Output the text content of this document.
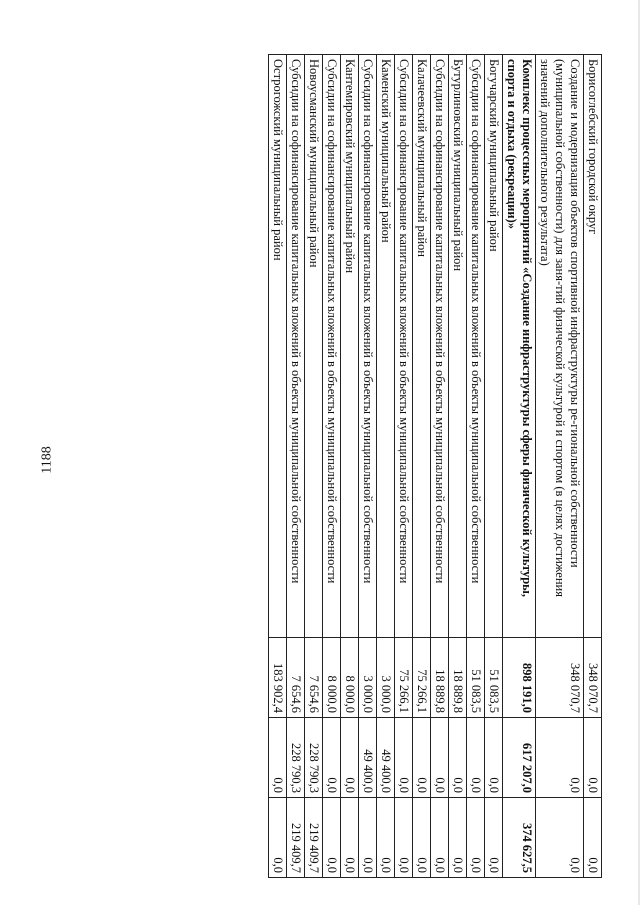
1188
Борисоглебский городской округ	348 070,7	0,0	0,0
Создание и модернизация объектов спортивной инфраструктуры ре-гиональной собственности (муниципальной собственности) для заня-тий физической культурой и спортом (в целях достижения значений дополнительного результата)	348 070,7	0,0	0,0
Комплекс процессных мероприятий «Создание инфраструктуры сферы физической культуры, спорта и отдыха (рекреации)»	898 191,0	617 207,0	374 627,5
Богучарский муниципальный район	51 083,5	0,0	0,0
Субсидии на софинансирование капитальных вложений в объекты муниципальной собственности	51 083,5	0,0	0,0
Бутурлиновский муниципальный район	18 889,8	0,0	0,0
Субсидии на софинансирование капитальных вложений в объекты муниципальной собственности	18 889,8	0,0	0,0
Калачеевский муниципальный район	75 266,1	0,0	0,0
Субсидии на софинансирование капитальных вложений в объекты муниципальной собственности	75 266,1	0,0	0,0
Каменский муниципальный район	3 000,0	49 400,0	0,0
Субсидии на софинансирование капитальных вложений в объекты муниципальной собственности	3 000,0	49 400,0	0,0
Кантемировский муниципальный район	8 000,0	0,0	0,0
Субсидии на софинансирование капитальных вложений в объекты муниципальной собственности	8 000,0	0,0	0,0
Новоусманский муниципальный район	7 654,6	228 790,3	219 409,7
Субсидии на софинансирование капитальных вложений в объекты муниципальной собственности	7 654,6	228 790,3	219 409,7
Острогожский муниципальный район	183 902,4	0,0	0,0
